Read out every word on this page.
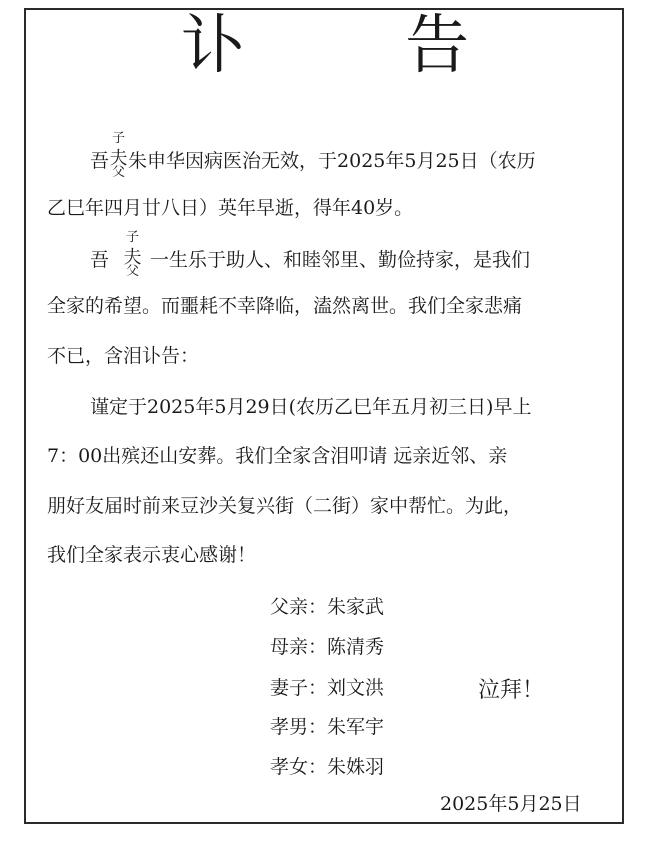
讣 告
吾
子
夫
父
朱申华因病医治无效，于2025年5月25日（农历
乙巳年四月廿八日）英年早逝，得年40岁。
吾
子
夫
父
一生乐于助人、和睦邻里、勤俭持家，是我们
全家的希望。而噩耗不幸降临，溘然离世。我们全家悲痛
不已，含泪讣告：
谨定于2025年5月29日(农历乙巳年五月初三日)早上
7：00出殡还山安葬。我们全家含泪叩请 远亲近邻、亲
朋好友届时前来豆沙关复兴街（二街）家中帮忙。为此，
我们全家表示衷心感谢！
父亲：朱家武
母亲：陈清秀
妻子：刘文洪
孝男：朱军宇
孝女：朱姝羽
泣拜！
2025年5月25日
